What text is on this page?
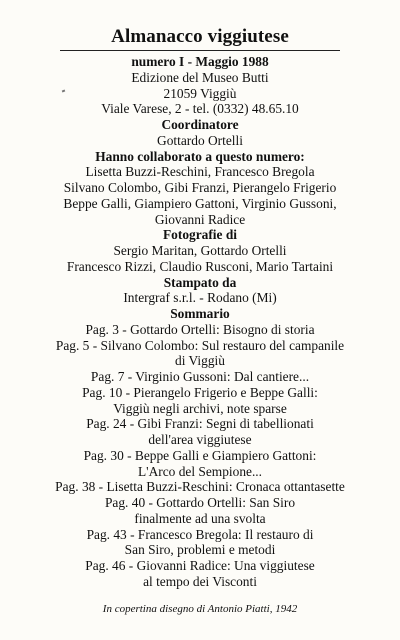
Almanacco viggiutese
numero I - Maggio 1988
Edizione del Museo Butti
21059 Viggiù
Viale Varese, 2 - tel. (0332) 48.65.10
Coordinatore
Gottardo Ortelli
Hanno collaborato a questo numero:
Lisetta Buzzi-Reschini, Francesco Bregola
Silvano Colombo, Gibi Franzi, Pierangelo Frigerio
Beppe Galli, Giampiero Gattoni, Virginio Gussoni,
Giovanni Radice
Fotografie di
Sergio Maritan, Gottardo Ortelli
Francesco Rizzi, Claudio Rusconi, Mario Tartaini
Stampato da
Intergraf s.r.l. - Rodano (Mi)
Sommario
Pag. 3 - Gottardo Ortelli: Bisogno di storia
Pag. 5 - Silvano Colombo: Sul restauro del campanile
di Viggiù
Pag. 7 - Virginio Gussoni: Dal cantiere...
Pag. 10 - Pierangelo Frigerio e Beppe Galli:
Viggiù negli archivi, note sparse
Pag. 24 - Gibi Franzi: Segni di tabellionati
dell'area viggiutese
Pag. 30 - Beppe Galli e Giampiero Gattoni:
L'Arco del Sempione...
Pag. 38 - Lisetta Buzzi-Reschini: Cronaca ottantasette
Pag. 40 - Gottardo Ortelli: San Siro
finalmente ad una svolta
Pag. 43 - Francesco Bregola: Il restauro di
San Siro, problemi e metodi
Pag. 46 - Giovanni Radice: Una viggiutese
al tempo dei Visconti
In copertina disegno di Antonio Piatti, 1942
